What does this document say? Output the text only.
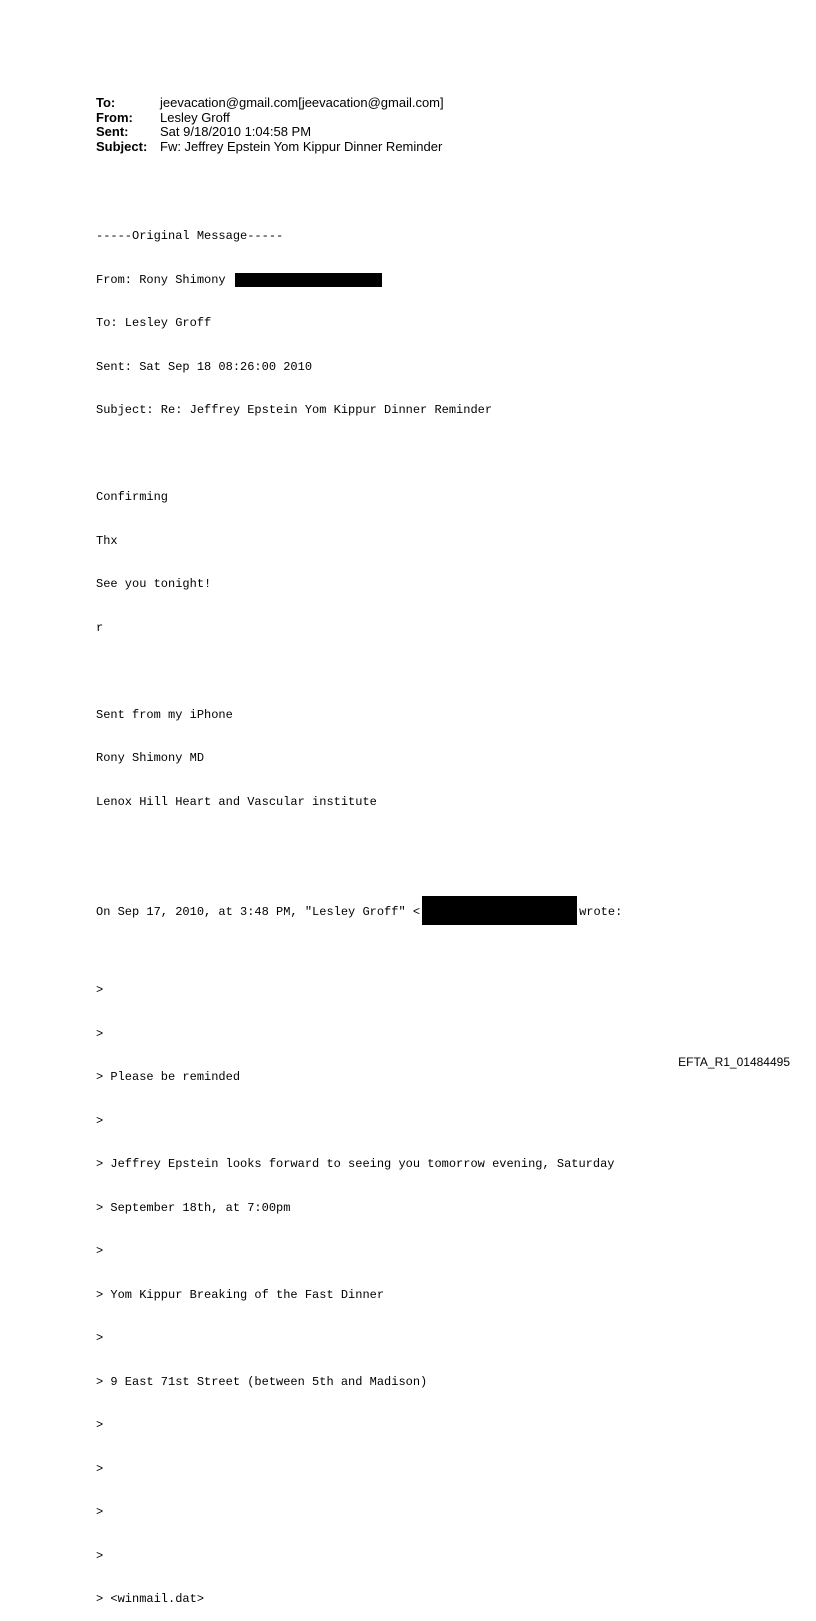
To:	jeevacation@gmail.com[jeevacation@gmail.com]
From:	Lesley Groff
Sent:	Sat 9/18/2010 1:04:58 PM
Subject: Fw: Jeffrey Epstein Yom Kippur Dinner Reminder

-----Original Message-----

From: Rony Shimony

To: Lesley Groff

Sent: Sat Sep 18 08:26:00 2010

Subject: Re: Jeffrey Epstein Yom Kippur Dinner Reminder

Confirming

Thx

See you tonight!

r

Sent from my iPhone

Rony Shimony MD

Lenox Hill Heart and Vascular institute

On Sep 17, 2010, at 3:48 PM, "Lesley Groff" <	wrote:

>

>

> Please be reminded

>

> Jeffrey Epstein looks forward to seeing you tomorrow evening, Saturday

> September 18th, at 7:00pm

>

> Yom Kippur Breaking of the Fast Dinner

>

> 9 East 71st Street (between 5th and Madison)

>

>

>

>

> <winmail.dat>

EFTA_R1_01484495
